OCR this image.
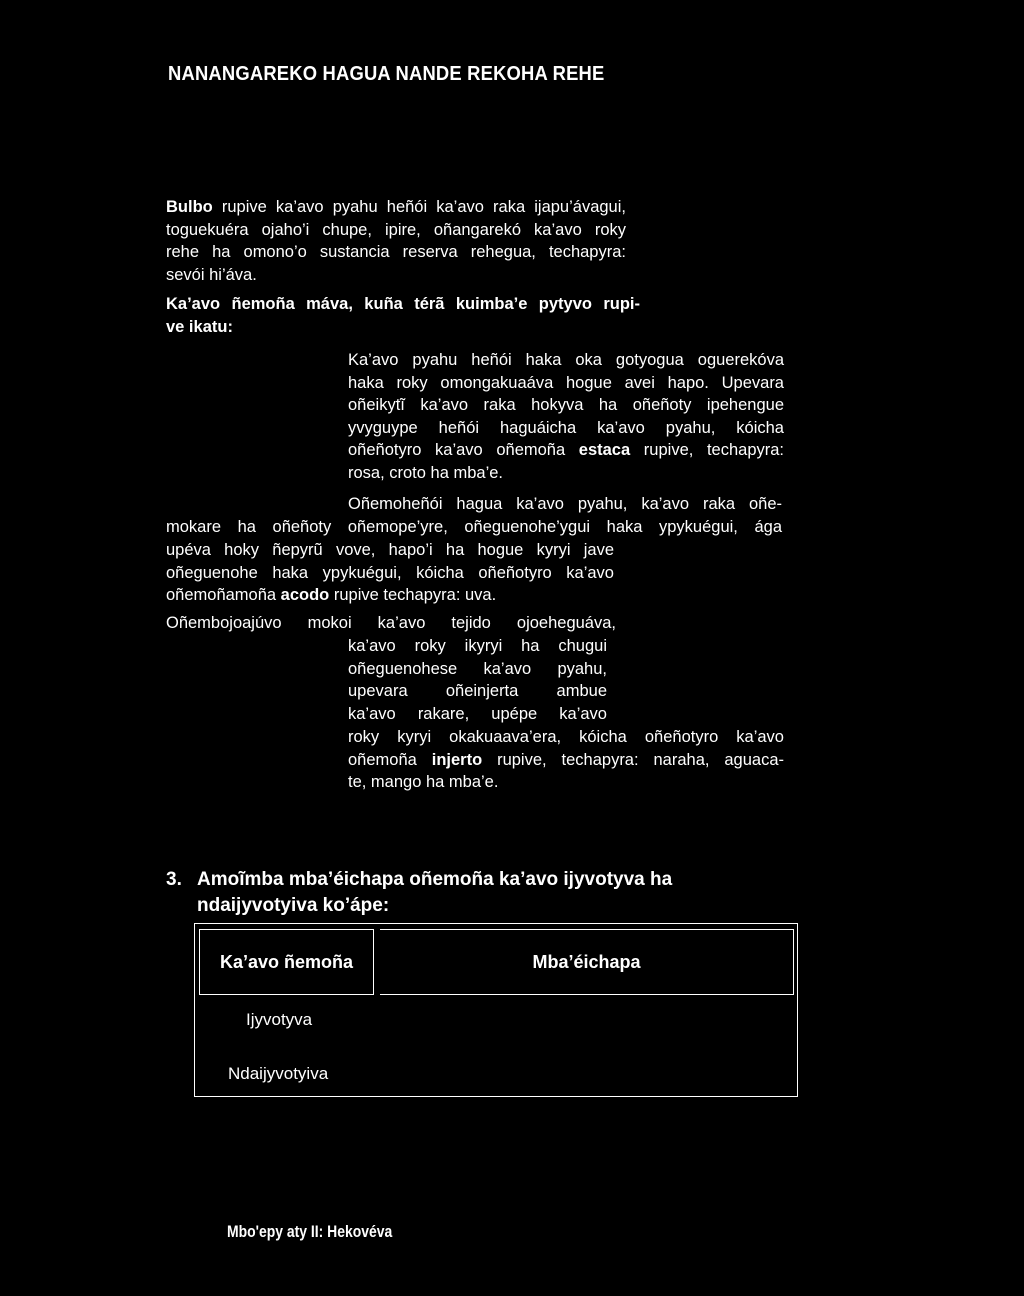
NANANGAREKO HAGUA NANDE REKOHA REHE
Bulbo rupive ka’avo pyahu heñói ka’avo raka ijapu’ávagui,
toguekuéra ojaho’i chupe, ipire, oñangarekó ka’avo roky
rehe ha omono’o sustancia reserva rehegua, techapyra:
sevói hi’áva.
Ka’avo ñemoña máva, kuña térã kuimba’e pytyvo rupi-
ve ikatu:
Ka’avo pyahu heñói haka oka gotyogua oguerekóva
haka roky omongakuaáva hogue avei hapo. Upevara
oñeikytĩ ka’avo raka hokyva ha oñeñoty ipehengue
yvyguype heñói haguáicha ka’avo pyahu, kóicha
oñeñotyro ka’avo oñemoña estaca rupive, techapyra:
rosa, croto ha mba’e.
Oñemoheñói hagua ka’avo pyahu, ka’avo raka oñe-
mokare ha oñeñoty oñemope’yre, oñeguenohe’ygui haka ypykuégui, ága
upéva hoky ñepyrũ vove, hapo’i ha hogue kyryi jave
oñeguenohe haka ypykuégui, kóicha oñeñotyro ka’avo
oñemoñamoña acodo rupive techapyra: uva.
Oñembojoajúvo mokoi ka’avo tejido ojoeheguáva,
ka’avo roky ikyryi ha chugui
oñeguenohese ka’avo pyahu,
upevara oñeinjerta ambue
ka’avo rakare, upépe ka’avo
roky kyryi okakuaava’era, kóicha oñeñotyro ka’avo
oñemoña injerto rupive, techapyra: naraha, aguaca-
te, mango ha mba’e.
3. Amoĩmba mba’éichapa oñemoña ka’avo ijyvotyva ha
ndaijyvotyiva ko’ápe:
Ka’avo ñemoña	Mba’éichapa
Ijyvotyva
Ndaijyvotyiva
Mbo'epy aty II: Hekovéva
